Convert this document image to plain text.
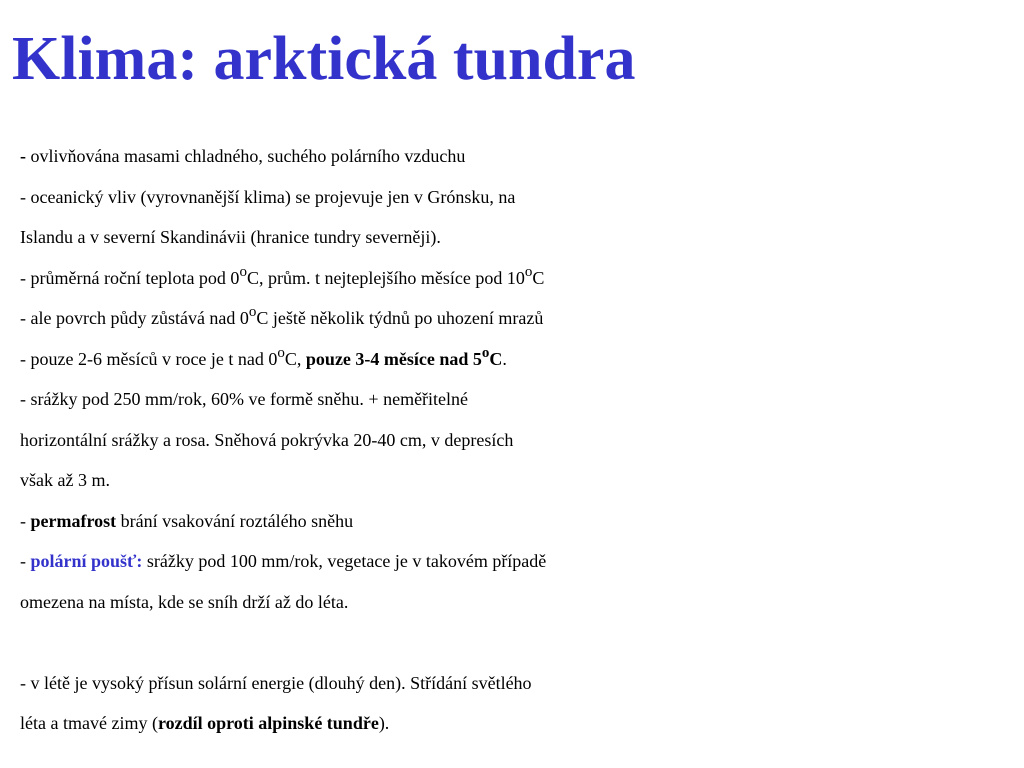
Klima: arktická tundra
- ovlivňována masami chladného, suchého polárního vzduchu
- oceanický vliv (vyrovnanější klima) se projevuje jen v Grónsku, na
Islandu a v severní Skandinávii (hranice tundry severněji).
- průměrná roční teplota pod 0$^o$C, prům. t nejteplejšího měsíce pod 10$^o$C
- ale povrch půdy zůstává nad 0$^o$C ještě několik týdnů po uhození mrazů
- pouze 2-6 měsíců v roce je t nad 0$^o$C, pouze 3-4 měsíce nad 5$^o$C.
- srážky pod 250 mm/rok, 60% ve formě sněhu. + neměřitelné
horizontální srážky a rosa. Sněhová pokrývka 20-40 cm, v depresích
však až 3 m.
- permafrost brání vsakování roztálého sněhu
- polární poušť: srážky pod 100 mm/rok, vegetace je v takovém případě
omezena na místa, kde se sníh drží až do léta.
- v létě je vysoký přísun solární energie (dlouhý den). Střídání světlého
léta a tmavé zimy (rozdíl oproti alpinské tundře).
